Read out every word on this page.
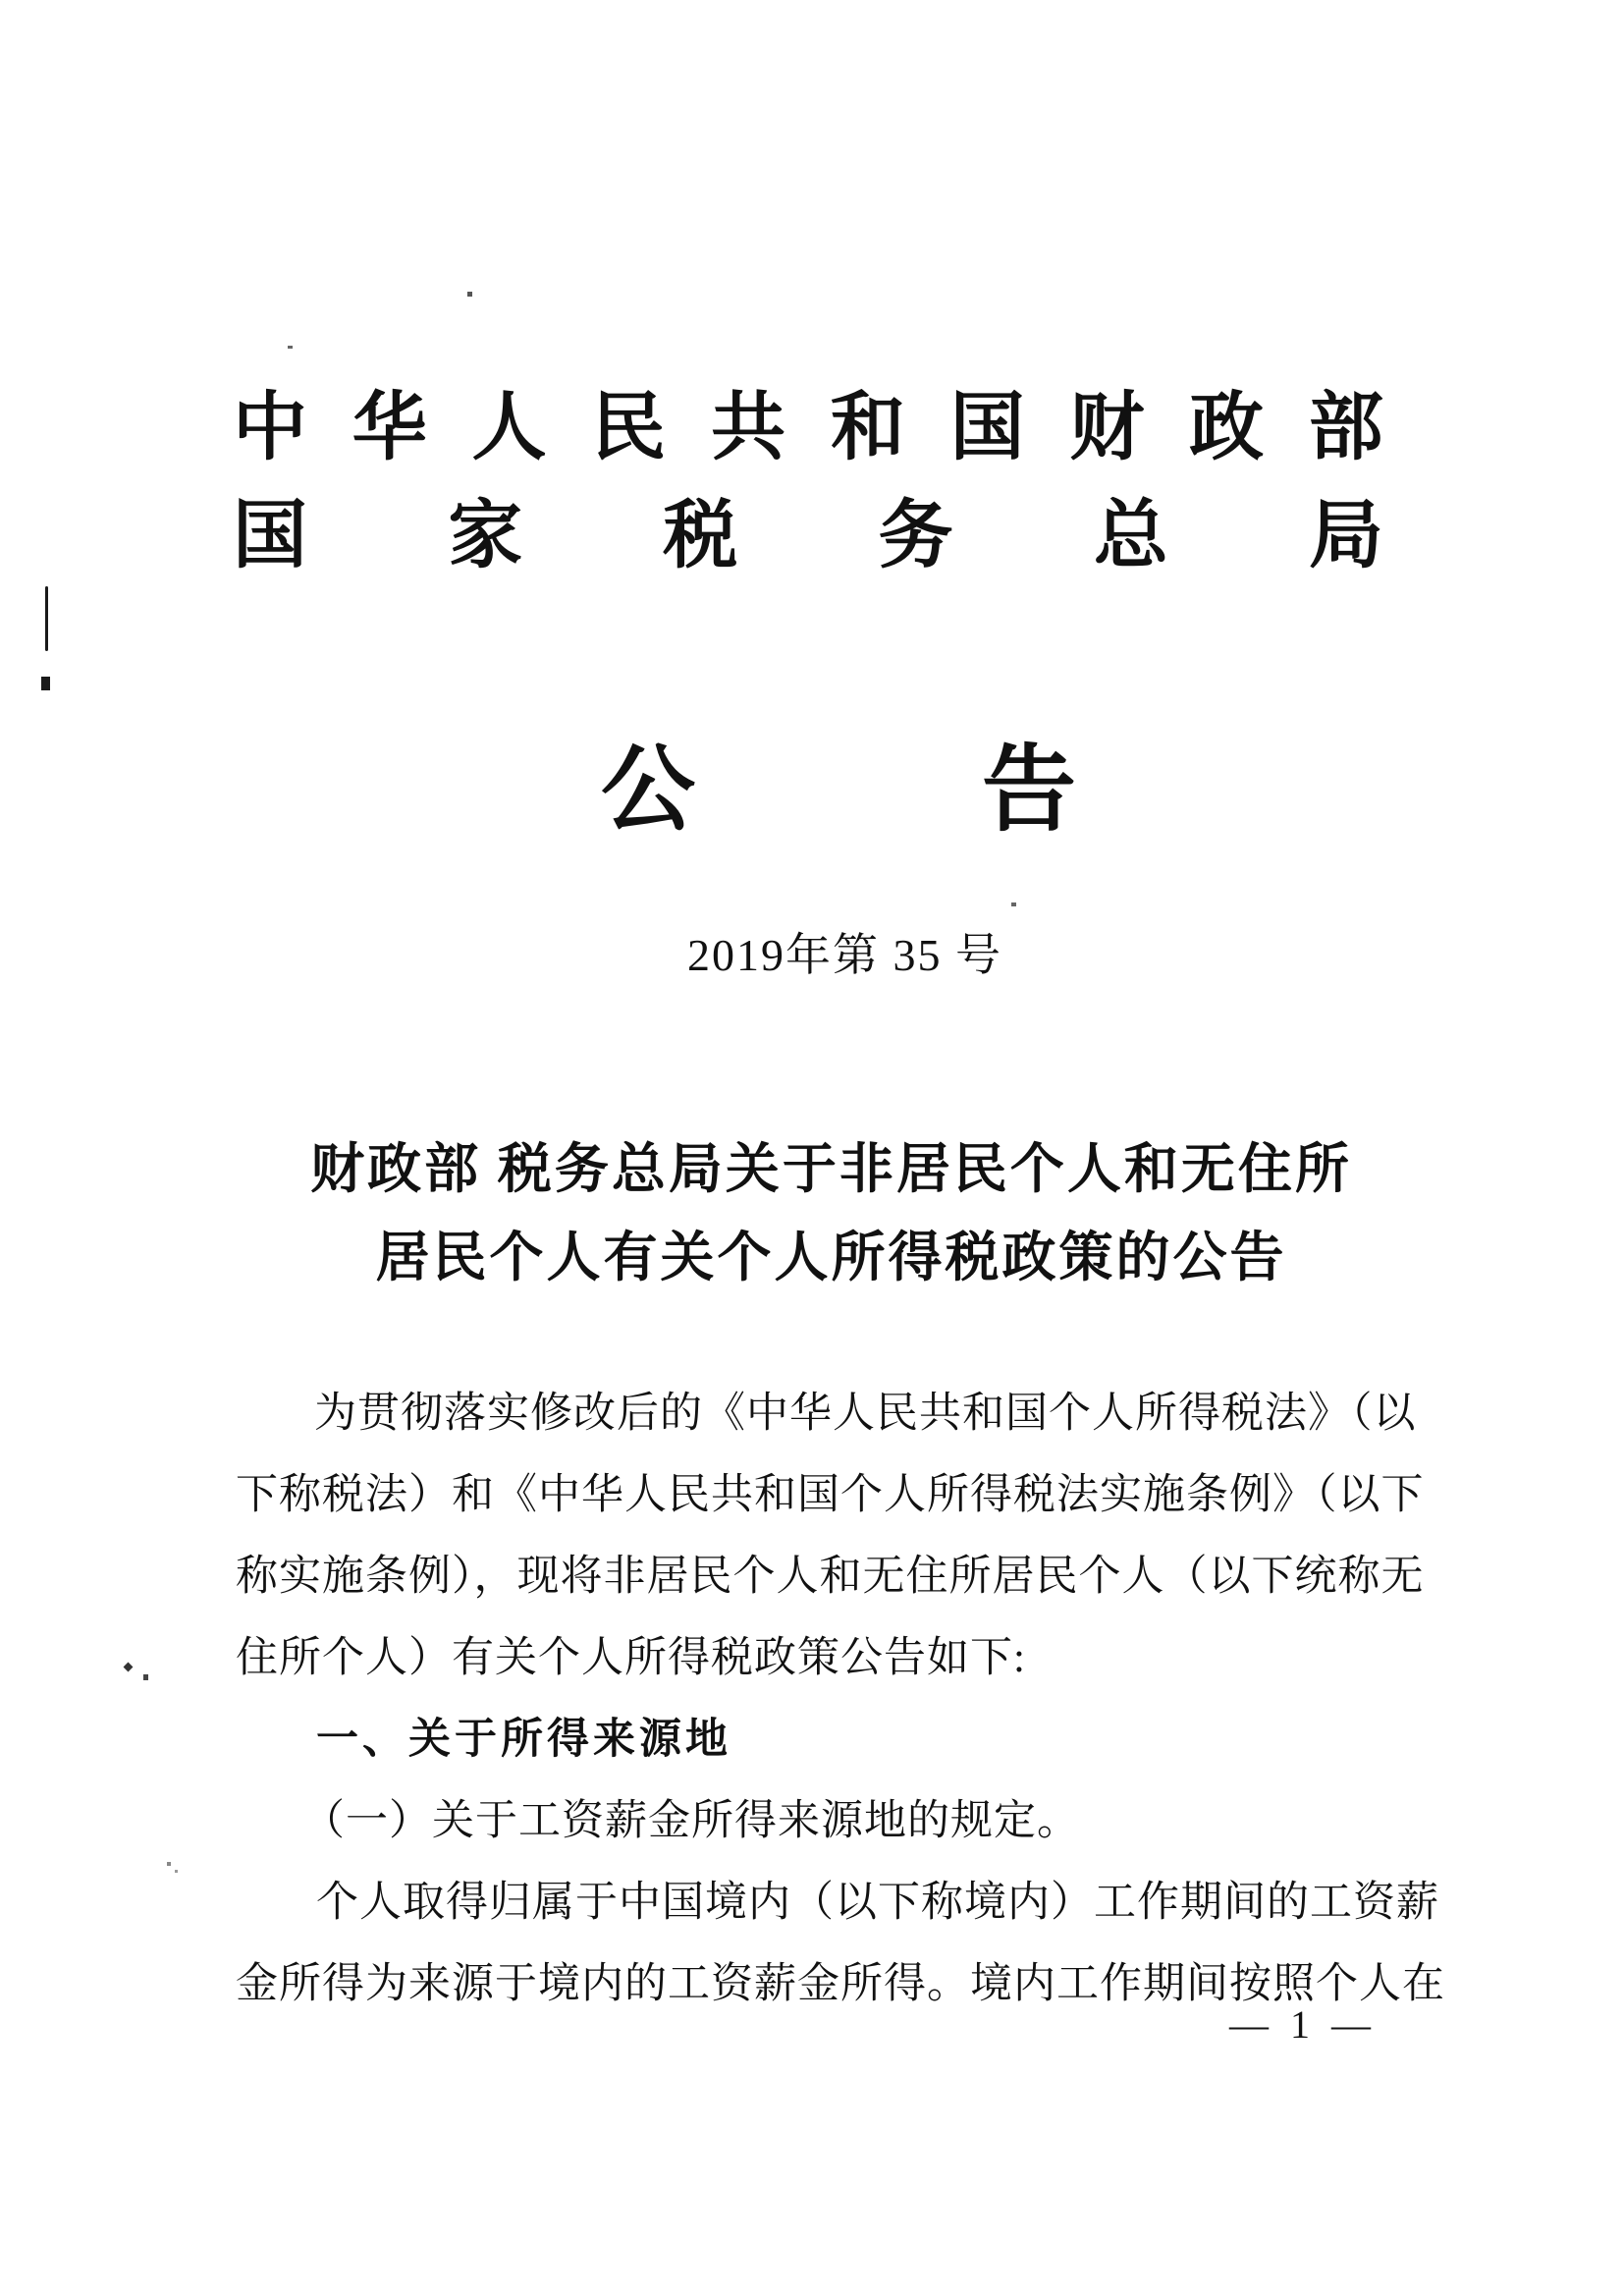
中 华 人 民 共 和 国 财 政 部
国 家 税 务 总 局
公	告
2019年第 35 号
财政部 税务总局关于非居民个人和无住所
居民个人有关个人所得税政策的公告
为贯彻落实修改后的《中华人民共和国个人所得税法》（以
下称税法）和《中华人民共和国个人所得税法实施条例》（以下
称实施条例），现将非居民个人和无住所居民个人（以下统称无
住所个人）有关个人所得税政策公告如下:
一、关于所得来源地
（一）关于工资薪金所得来源地的规定。
个人取得归属于中国境内（以下称境内）工作期间的工资薪
金所得为来源于境内的工资薪金所得。境内工作期间按照个人在
— 1 —
